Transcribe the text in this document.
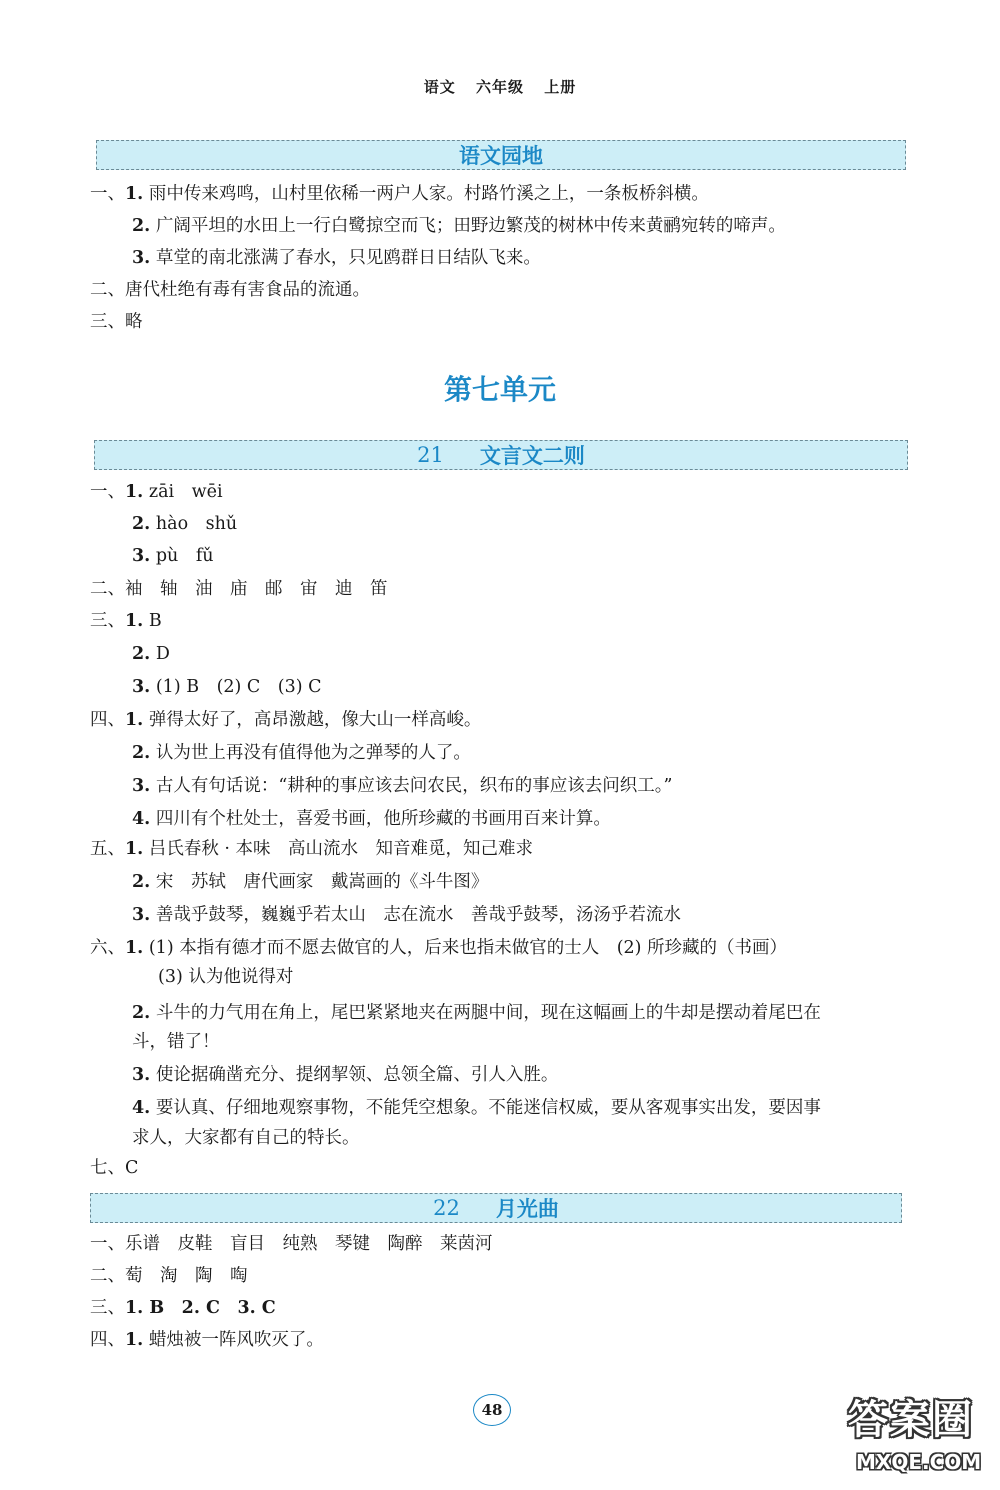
语文 六年级 上册
语文园地
一、1. 雨中传来鸡鸣，山村里依稀一两户人家。村路竹溪之上，一条板桥斜横。
2. 广阔平坦的水田上一行白鹭掠空而飞；田野边繁茂的树林中传来黄鹂宛转的啼声。
3. 草堂的南北涨满了春水，只见鸥群日日结队飞来。
二、唐代杜绝有毒有害食品的流通。
三、略
第七单元
21 文言文二则
一、1. zāi　wēi
2. hào　shǔ
3. pù　fǔ
二、袖　轴　油　庙　邮　宙　迪　笛
三、1. B
2. D
3. (1) B　(2) C　(3) C
四、1. 弹得太好了，高昂激越，像大山一样高峻。
2. 认为世上再没有值得他为之弹琴的人了。
3. 古人有句话说：“耕种的事应该去问农民，织布的事应该去问织工。”
4. 四川有个杜处士，喜爱书画，他所珍藏的书画用百来计算。
五、1. 吕氏春秋 · 本味　高山流水　知音难觅，知己难求
2. 宋　苏轼　唐代画家　戴嵩画的《斗牛图》
3. 善哉乎鼓琴，巍巍乎若太山　志在流水　善哉乎鼓琴，汤汤乎若流水
六、1. (1) 本指有德才而不愿去做官的人，后来也指未做官的士人　(2) 所珍藏的（书画）
(3) 认为他说得对
2. 斗牛的力气用在角上，尾巴紧紧地夹在两腿中间，现在这幅画上的牛却是摆动着尾巴在
斗，错了！
3. 使论据确凿充分、提纲挈领、总领全篇、引人入胜。
4. 要认真、仔细地观察事物，不能凭空想象。不能迷信权威，要从客观事实出发，要因事
求人，大家都有自己的特长。
七、C
22 月光曲
一、乐谱　皮鞋　盲目　纯熟　琴键　陶醉　莱茵河
二、萄　淘　陶　啕
三、1. B　2. C　3. C
四、1. 蜡烛被一阵风吹灭了。
48	答案圈
MXQE.COM
